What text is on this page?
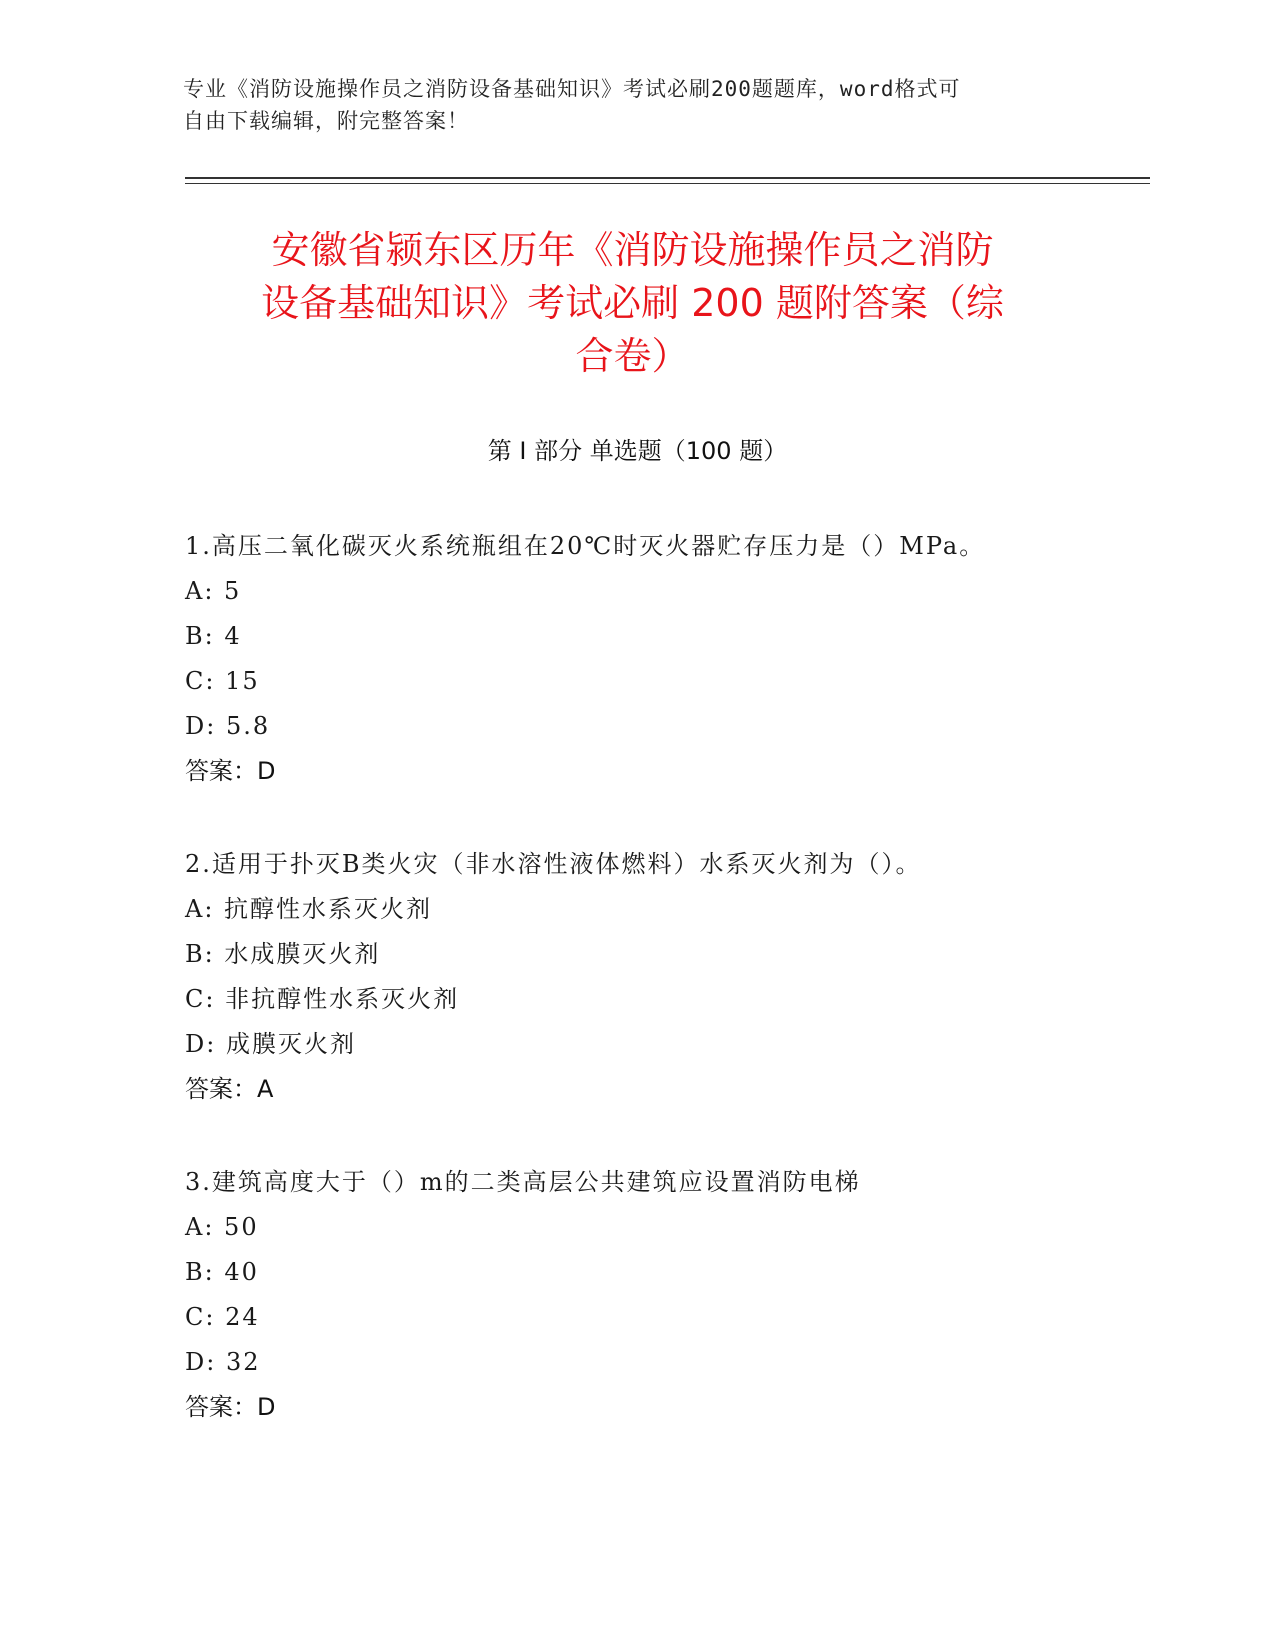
专业《消防设施操作员之消防设备基础知识》考试必刷200题题库，word格式可
自由下载编辑，附完整答案！
安徽省颍东区历年《消防设施操作员之消防
设备基础知识》考试必刷 200 题附答案（综
合卷）
第 I 部分 单选题（100 题）
1.高压二氧化碳灭火系统瓶组在20℃时灭火器贮存压力是（）MPa。
A: 5
B: 4
C: 15
D: 5.8
答案：D
2.适用于扑灭B类火灾（非水溶性液体燃料）水系灭火剂为（）。
A: 抗醇性水系灭火剂
B: 水成膜灭火剂
C: 非抗醇性水系灭火剂
D: 成膜灭火剂
答案：A
3.建筑高度大于（）m的二类高层公共建筑应设置消防电梯
A: 50
B: 40
C: 24
D: 32
答案：D
